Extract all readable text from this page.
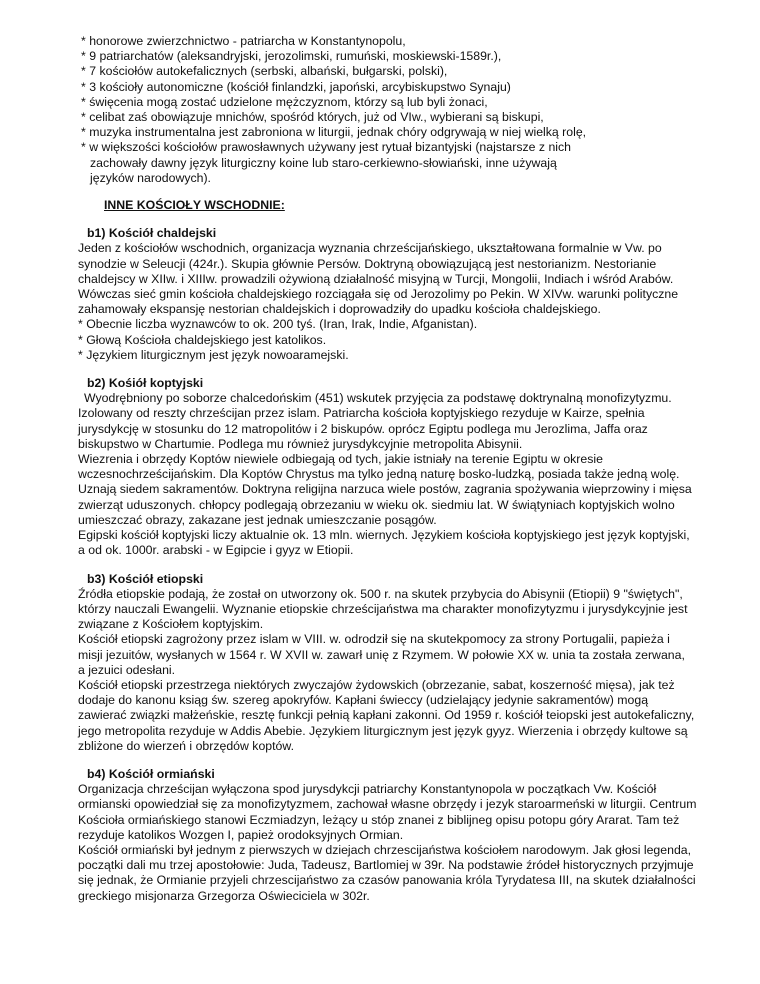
* honorowe zwierzchnictwo - patriarcha w Konstantynopolu,

* 9 patriarchatów (aleksandryjski, jerozolimski, rumuński, moskiewski-1589r.),

* 7 kościołów autokefalicznych (serbski, albański, bułgarski, polski),

* 3 kościoły autonomiczne (kościół finlandzki, japoński, arcybiskupstwo Synaju)

* święcenia mogą zostać udzielone mężczyznom, którzy są lub byli żonaci,

* celibat zaś obowiązuje mnichów, spośród których, już od VIw., wybierani są biskupi,

* muzyka instrumentalna jest zabroniona w liturgii, jednak chóry odgrywają w niej wielką rolę,

* w większości kościołów prawosławnych używany jest rytuał bizantyjski (najstarsze z nich

zachowały dawny język liturgiczny koine lub staro-cerkiewno-słowiański, inne używają

języków narodowych).

INNE KOŚCIOŁY WSCHODNIE:

b1) Kościół chaldejski

Jeden z kościołów wschodnich, organizacja wyznania chrześcijańskiego, ukształtowana formalnie w Vw. po

synodzie w Seleucji (424r.). Skupia głównie Persów. Doktryną obowiązującą jest nestorianizm. Nestorianie

chaldejscy w XIIw. i XIIIw. prowadzili ożywioną działalność misyjną w Turcji, Mongolii, Indiach i wśród Arabów.

Wówczas sieć gmin kościoła chaldejskiego rozciągała się od Jerozolimy po Pekin. W XIVw. warunki polityczne

zahamowały ekspansję nestorian chaldejskich i doprowadziły do upadku kościoła chaldejskiego.

* Obecnie liczba wyznawców to ok. 200 tyś. (Iran, Irak, Indie, Afganistan).

* Głową Kościoła chaldejskiego jest katolikos.

* Językiem liturgicznym jest język nowoaramejski.

b2) Kośiół koptyjski

Wyodrębniony po soborze chalcedońskim (451) wskutek przyjęcia za podstawę doktrynalną monofizytyzmu.

Izolowany od reszty chrześcijan przez islam. Patriarcha kościoła koptyjskiego rezyduje w Kairze, spełnia

jurysdykcję w stosunku do 12 matropolitów i 2 biskupów. oprócz Egiptu podlega mu Jerozlima, Jaffa oraz

biskupstwo w Chartumie. Podlega mu również jurysdykcyjnie metropolita Abisynii.

Wiezrenia i obrzędy Koptów niewiele odbiegają od tych, jakie istniały na terenie Egiptu w okresie

wczesnochrześcijańskim. Dla Koptów Chrystus ma tylko jedną naturę bosko-ludzką, posiada także jedną wolę.

Uznają siedem sakramentów. Doktryna religijna narzuca wiele postów, zagrania spożywania wieprzowiny i mięsa

zwierząt uduszonych. chłopcy podlegają obrzezaniu w wieku ok. siedmiu lat. W świątyniach koptyjskich wolno

umieszczać obrazy, zakazane jest jednak umieszczanie posągów.

Egipski kościół koptyjski liczy aktualnie ok. 13 mln. wiernych. Językiem kościoła koptyjskiego jest język koptyjski,

a od ok. 1000r. arabski - w Egipcie i gyyz w Etiopii.

b3) Kościół etiopski

Źródła etiopskie podają, że został on utworzony ok. 500 r. na skutek przybycia do Abisynii (Etiopii) 9 "świętych",

którzy nauczali Ewangelii. Wyznanie etiopskie chrześcijaństwa ma charakter monofizytyzmu i jurysdykcyjnie jest

związane z Kościołem koptyjskim.

Kościół etiopski zagrożony przez islam w VIII. w. odrodził się na skutekpomocy za strony Portugalii, papieża i

misji jezuitów, wysłanych w 1564 r. W XVII w. zawarł unię z Rzymem. W połowie XX w. unia ta została zerwana,

a jezuici odesłani.

Kościół etiopski przestrzega niektórych zwyczajów żydowskich (obrzezanie, sabat, koszerność mięsa), jak też

dodaje do kanonu ksiąg św. szereg apokryfów. Kapłani świeccy (udzielający jedynie sakramentów) mogą

zawierać związki małżeńskie, resztę funkcji pełnią kapłani zakonni. Od 1959 r. kościół teiopski jest autokefaliczny,

jego metropolita rezyduje w Addis Abebie. Językiem liturgicznym jest język gyyz. Wierzenia i obrzędy kultowe są

zbliżone do wierzeń i obrzędów koptów.

b4) Kościół ormiański

Organizacja chrześcijan wyłączona spod jurysdykcji patriarchy Konstantynopola w początkach Vw. Kościół

ormianski opowiedział się za monofizytyzmem, zachował własne obrzędy i jezyk staroarmeński w liturgii. Centrum

Kościoła ormiańskiego stanowi Eczmiadzyn, leżący u stóp znanei z biblijneg opisu potopu góry Ararat. Tam też

rezyduje katolikos Wozgen I, papież orodoksyjnych Ormian.

Kościół ormiański był jednym z pierwszych w dziejach chrzescijaństwa kościołem narodowym. Jak głosi legenda,

początki dali mu trzej apostołowie: Juda, Tadeusz, Bartlomiej w 39r. Na podstawie źródeł historycznych przyjmuje

się jednak, że Ormianie przyjeli chrzescijaństwo za czasów panowania króla Tyrydatesa III, na skutek działalności

greckiego misjonarza Grzegorza Oświeciciela w 302r.
